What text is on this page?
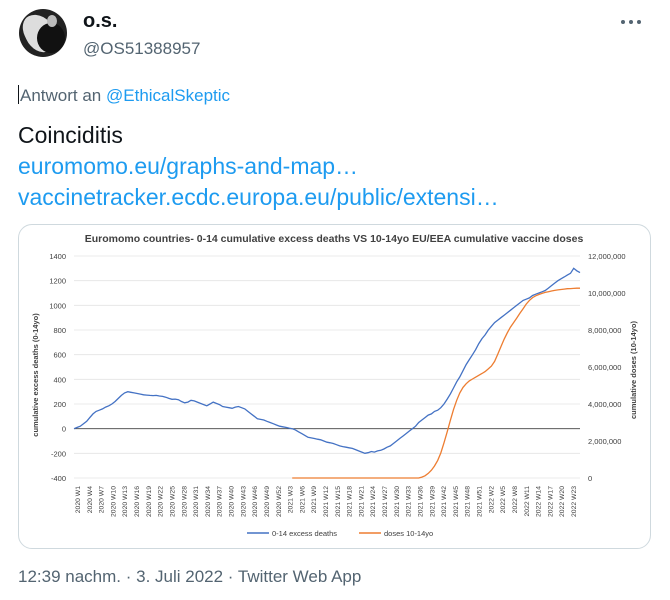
o.s.
@OS51388957
Antwort an @EthicalSkeptic
Coinciditis
euromomo.eu/graphs-and-map…
vaccinetracker.ecdc.europa.eu/public/extensi…
Euromomo countries- 0-14 cumulative excess deaths VS 10-14yo EU/EEA cumulative vaccine doses
1400
1200
1000
800
600
400
200
0
-200
-400
12,000,000
10,000,000
8,000,000
6,000,000
4,000,000
2,000,000
0
2020 W1 2020 W4 2020 W7 2020 W10 2020 W13 2020 W16 2020 W19 2020 W22 2020 W25 2020 W28 2020 W31 2020 W34 2020 W37 2020 W40 2020 W43 2020 W46 2020 W49 2020 W52 2021 W3 2021 W6 2021 W9 2021 W12 2021 W15 2021 W18 2021 W21 2021 W24 2021 W27 2021 W30 2021 W33 2021 W36 2021 W39 2021 W42 2021 W45 2021 W48 2021 W51 2022 W2 2022 W5 2022 W8 2022 W11 2022 W14 2022 W17 2022 W20 2022 W23
cumulative excess deaths (0-14yo)	cumulative doses (10-14yo)
0-14 excess deaths	doses 10-14yo
12:39 nachm. · 3. Juli 2022 · Twitter Web App
